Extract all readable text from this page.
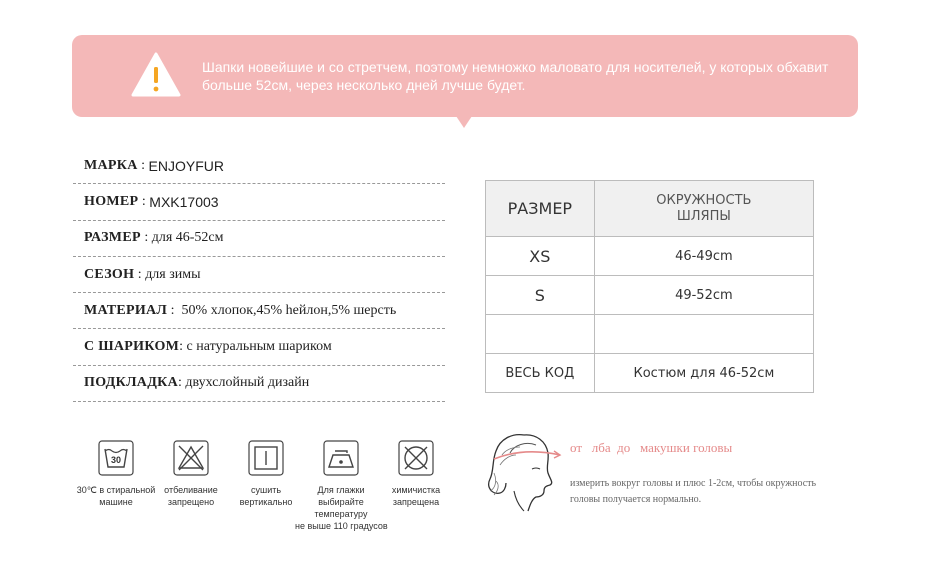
Шапки новейшие и со стретчем, поэтому немножко маловато для носителей, у которых обхавит больше 52см, через несколько дней лучше будет.
МАРКА : ENJOYFUR
НОМЕР : MXK17003
РАЗМЕР : для 46-52см
СЕЗОН : для зимы
МАТЕРИАЛ : 50% хлопок,45% hейлон,5% шерсть
С ШАРИКОМ : с натуральным шариком
ПОДКЛАДКА : двухслойный дизайн
РАЗМЕР	ОКРУЖНОСТЬ
ШЛЯПЫ

XS	46-49cm
S	49-52cm

ВЕСЬ КОД	Костюм для 46-52см
30
30℃ в стиральной
машине
отбеливание
запрещено
сушить
вертикально
Для глажки
выбирайте
температуру
не выше 110 градусов
химичистка
запрещена
от   лба  до   макушки головы
измерить вокруг головы и плюс 1-2см, чтобы окружность головы получается нормально.
